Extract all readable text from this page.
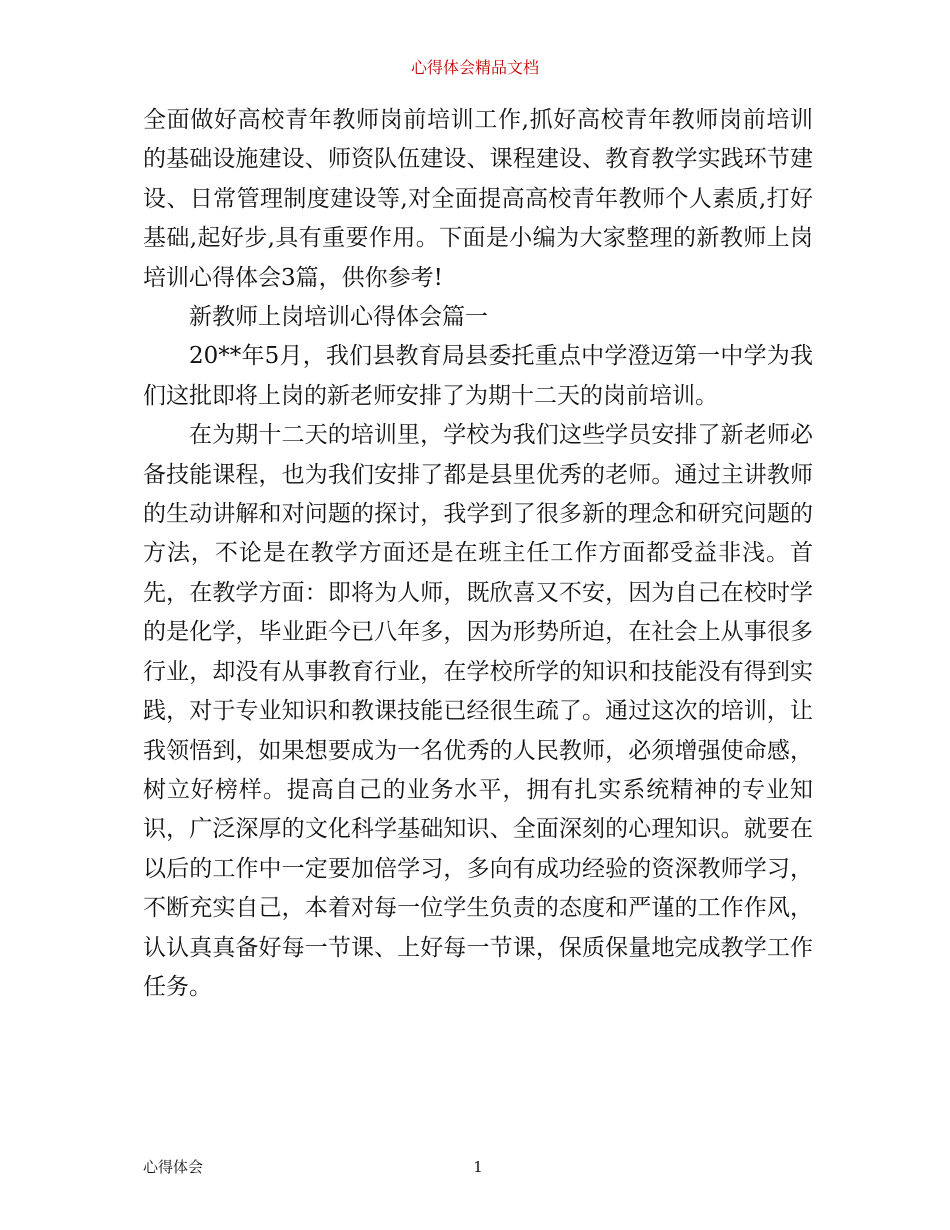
心得体会精品文档

全面做好高校青年教师岗前培训工作,抓好高校青年教师岗前培训的基础设施建设、师资队伍建设、课程建设、教育教学实践环节建设、日常管理制度建设等,对全面提高高校青年教师个人素质,打好基础,起好步,具有重要作用。下面是小编为大家整理的新教师上岗培训心得体会3篇，供你参考!

新教师上岗培训心得体会篇一

20**年5月，我们县教育局县委托重点中学澄迈第一中学为我们这批即将上岗的新老师安排了为期十二天的岗前培训。

在为期十二天的培训里，学校为我们这些学员安排了新老师必备技能课程，也为我们安排了都是县里优秀的老师。通过主讲教师的生动讲解和对问题的探讨，我学到了很多新的理念和研究问题的方法，不论是在教学方面还是在班主任工作方面都受益非浅。首先，在教学方面：即将为人师，既欣喜又不安，因为自己在校时学的是化学，毕业距今已八年多，因为形势所迫，在社会上从事很多行业，却没有从事教育行业，在学校所学的知识和技能没有得到实践，对于专业知识和教课技能已经很生疏了。通过这次的培训，让我领悟到，如果想要成为一名优秀的人民教师，必须增强使命感，树立好榜样。提高自己的业务水平，拥有扎实系统精神的专业知识，广泛深厚的文化科学基础知识、全面深刻的心理知识。就要在以后的工作中一定要加倍学习，多向有成功经验的资深教师学习，不断充实自己，本着对每一位学生负责的态度和严谨的工作作风，认认真真备好每一节课、上好每一节课，保质保量地完成教学工作任务。

心得体会	1
